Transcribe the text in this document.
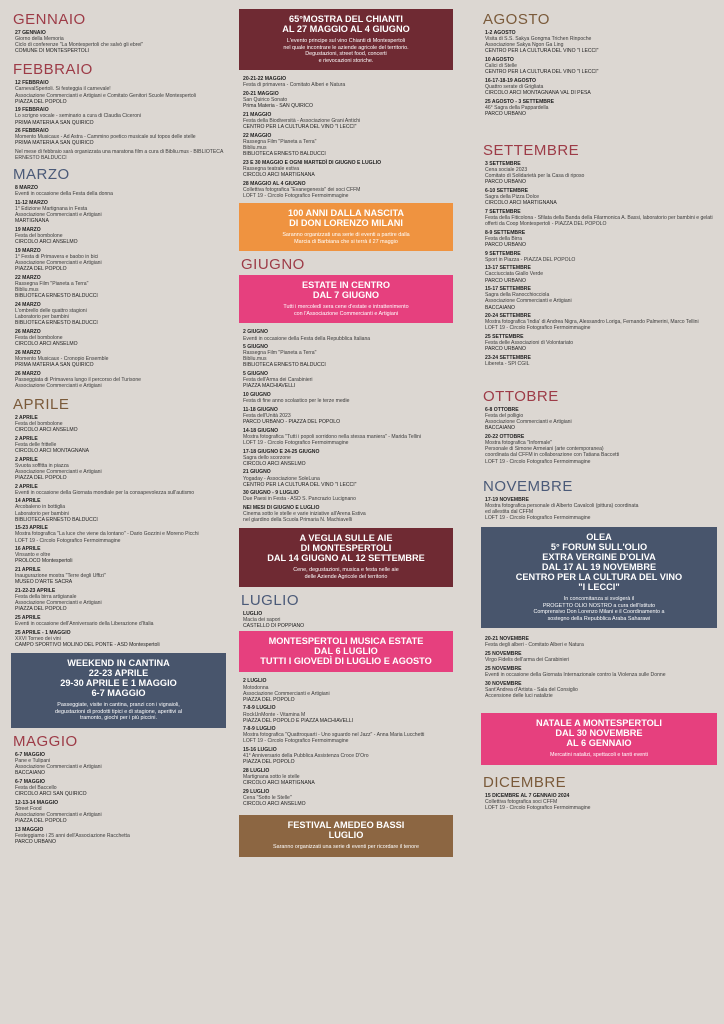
GENNAIO
27 GENNAIO
Giorno della Memoria
Ciclo di conferenze "La Montespertoli che salvò gli ebrei"
COMUNE DI MONTESPERTOLI
FEBBRAIO
12 FEBBRAIO
CarnevalSpertoli. Si festeggia il carnevale!
Associazione Commercianti e Artigiani e Comitato Genitori Scuole Montespertoli
PIAZZA DEL POPOLO
19 FEBBRAIO
Lo scrigno vocale - seminario a cura di Claudia Ciceroni
PRIMA MATERIA A SAN QUIRICO
26 FEBBRAIO
Momento Musicaux - Ad Astra - Cammino poetico musicale sul topos delle stelle
PRIMA MATERIA A SAN QUIRICO
Nel mese di febbraio sarà organizzata una maratona film a cura di Bibliu.mus - BIBLIOTECA ERNESTO BALDUCCI
MARZO
8 MARZO
Eventi in occasione della Festa della donna
11-12 MARZO
1° Edizione Martignana in Festa
Associazione Commercianti e Artigiani
MARTIGNANA
19 MARZO
Festa del bombolone
CIRCOLO ARCI ANSELMO
19 MARZO
1° Festa di Primavera e baobo in bici
Associazione Commercianti e Artigiani
PIAZZA DEL POPOLO
22 MARZO
Rassegna Film "Pianeta a Terra"
Bibliu.mus
BIBLIOTECA ERNESTO BALDUCCI
24 MARZO
L'ombrello delle quattro stagioni
Laboratorio per bambini
BIBLIOTECA ERNESTO BALDUCCI
26 MARZO
Festa del bombolone
CIRCOLO ARCI ANSELMO
26 MARZO
Momento Musicaux - Cronopio Ensemble
PRIMA MATERIA A SAN QUIRICO
26 MARZO
Passeggiata di Primavera lungo il percorso del Turisone
Associazione Commercianti e Artigiani
APRILE
2 APRILE
Festa del bombolone
CIRCOLO ARCI ANSELMO
2 APRILE
Festa delle frittelle
CIRCOLO ARCI MONTAGNANA
2 APRILE
Svuota soffitta in piazza
Associazione Commercianti e Artigiani
PIAZZA DEL POPOLO
2 APRILE
Eventi in occasione della Giornata mondiale per la consapevolezza sull'autismo
14 APRILE
Arcobaleno in bottiglia
Laboratorio per bambini
BIBLIOTECA ERNESTO BALDUCCI
15-23 APRILE
Mostra fotografica "La luce che viene da lontano" - Dario Gozzini e Moreno Picchi
LOFT 19 - Circolo Fotografico Fermoimmagine
16 APRILE
Vinsanto e oltre
PROLOCO Montespertoli
21 APRILE
Inaugurazione mostra "Terre degli Uffizi"
MUSEO D'ARTE SACRA
21-22-23 APRILE
Festa della birra artigianale
Associazione Commercianti e Artigiani
PIAZZA DEL POPOLO
25 APRILE
Eventi in occasione dell'Anniversario della Liberazione d'Italia
25 APRILE - 1 MAGGIO
XXVI Torneo dei vini
CAMPO SPORTIVO MOLINO DEL PONTE - ASD Montespertoli
WEEKEND IN CANTINA
22-23 APRILE
29-30 APRILE E 1 MAGGIO
6-7 MAGGIO
Passeggiate, visite in cantina, pranzi con i vignaioli,
degustazioni di prodotti tipici e di stagione, aperitivi al
tramonto, giochi per i più piccini.
MAGGIO
6-7 MAGGIO
Pane e Tulipani
Associazione Commercianti e Artigiani
BACCAIANO
6-7 MAGGIO
Festa del Baccello
CIRCOLO ARCI SAN QUIRICO
12-13-14 MAGGIO
Street Food
Associazione Commercianti e Artigiani
PIAZZA DEL POPOLO
13 MAGGIO
Festeggiamo i 25 anni dell'Associazione Racchetta
PARCO URBANO
65°MOSTRA DEL CHIANTI
AL 27 MAGGIO AL 4 GIUGNO
L'evento principe sul vino Chianti di Montespertoli
nel quale incontrare le aziende agricole del territorio.
Degustazioni, street food, concerti
e rievocazioni storiche.
20-21-22 MAGGIO
Festa di primavera - Comitato Alberi e Natura
20-21 MAGGIO
San Quirico Sonato
Prima Materia - SAN QUIRICO
21 MAGGIO
Festa della Biodiversità - Associazione Grani Antichi
CENTRO PER LA CULTURA DEL VINO "I LECCI"
22 MAGGIO
Rassegna Film "Pianeta a Terra"
Bibliu.mus
BIBLIOTECA ERNESTO BALDUCCI
23 E 30 MAGGIO E OGNI MARTEDÌ DI GIUGNO E LUGLIO
Rassegna teatrale estiva
CIRCOLO ARCI MARTIGNANA
28 MAGGIO AL 4 GIUGNO
Collettiva fotografica "Evanegenesis" dei soci CFFM
LOFT 19 - Circolo Fotografico Fermoimmagine
100 ANNI DALLA NASCITA
DI DON LORENZO MILANI
Saranno organizzati una serie di eventi a partire dalla
Marcia di Barbiana che si terrà il 27 maggio
GIUGNO
ESTATE IN CENTRO
DAL 7 GIUGNO
Tutti i mercoledì sera cene d'estate e intrattenimento
con l'Associazione Commercianti e Artigiani
2 GIUGNO
Eventi in occasione della Festa della Repubblica Italiana
5 GIUGNO
Rassegna Film "Pianeta a Terra"
Bibliu.mus
BIBLIOTECA ERNESTO BALDUCCI
5 GIUGNO
Festa dell'Arma dei Carabinieri
PIAZZA MACHIAVELLI
10 GIUGNO
Festa di fine anno scolastico per le terze medie
11-18 GIUGNO
Festa dell'Unità 2023
PARCO URBANO - PIAZZA DEL POPOLO
14-18 GIUGNO
Mostra fotografica "Tutti i popoli sorridono nella stessa maniera" - Marida Tellini
LOFT 19 - Circolo Fotografico Fermoimmagine
17-18 GIUGNO E 24-25 GIUGNO
Sagra dello scorzone
CIRCOLO ARCI ANSELMO
21 GIUGNO
Yogaday - Associazione SoleLuna
CENTRO PER LA CULTURA DEL VINO "I LECCI"
30 GIUGNO - 9 LUGLIO
Due Paesi in Festa - ASD S. Pancrazio Lucignano
NEI MESI DI GIUGNO E LUGLIO
Cinema sotto le stelle e varie iniziative all'Arena Estiva
nel giardino della Scuola Primaria N. Machiavelli
A VEGLIA SULLE AIE
DI MONTESPERTOLI
DAL 14 GIUGNO AL 12 SETTEMBRE
Cene, degustazioni, musica e festa nelle aie
delle Aziende Agricole del territorio
LUGLIO
LUGLIO
Macìa dei sapori
CASTELLO DI POPPIANO
MONTESPERTOLI MUSICA ESTATE
DAL 6 LUGLIO
TUTTI I GIOVEDÌ DI LUGLIO E AGOSTO
2 LUGLIO
Motodonna
Associazione Commercianti e Artigiani
PIAZZA DEL POPOLO
7-8-9 LUGLIO
RockUnMonte - Vitamina M
PIAZZA DEL POPOLO E PIAZZA MACHIAVELLI
7-8-9 LUGLIO
Mostra fotografica "Quattroquarti - Uno sguardo nel Jazz" - Anna Maria Lucchetti
LOFT 19 - Circolo Fotografico Fermoimmagine
15-16 LUGLIO
41° Anniversario della Pubblica Assistenza Croce D'Oro
PIAZZA DEL POPOLO
28 LUGLIO
Martignana sotto le stelle
CIRCOLO ARCI MARTIGNANA
29 LUGLIO
Cena "Sotto le Stelle"
CIRCOLO ARCI ANSELMO
FESTIVAL AMEDEO BASSI
LUGLIO
Saranno organizzati una serie di eventi per ricordare il tenore
AGOSTO
1-2 AGOSTO
Visita di S.S. Sakya Gongma Trichen Rinpoche
Associazione Sakya Ngon Ga Ling
CENTRO PER LA CULTURA DEL VINO "I LECCI"
10 AGOSTO
Calici di Stelle
CENTRO PER LA CULTURA DEL VINO "I LECCI"
16-17-18-19 AGOSTO
Quattro serate di Grigliata
CIRCOLO ARCI MONTAGNANA VAL DI PESA
25 AGOSTO - 3 SETTEMBRE
46° Sagra della Pappardella
PARCO URBANO
SETTEMBRE
3 SETTEMBRE
Cena sociale 2023
Comitato di Solidarietà per la Casa di riposo
PARCO URBANO
6-10 SETTEMBRE
Sagra della Pizza Dolce
CIRCOLO ARCI MARTIGNANA
7 SETTEMBRE
Festa della Fiticolona - Sfilata della Banda della Filarmonica A. Bassi, laboratorio per bambini e gelati offerti da Coop Montespertoli - PIAZZA DEL POPOLO
8-9 SETTEMBRE
Festa della Birra
PARCO URBANO
9 SETTEMBRE
Sport in Piazza - PIAZZA DEL POPOLO
13-17 SETTEMBRE
Cacciucciata Giallo Verde
PARCO URBANO
15-17 SETTEMBRE
Sagra della Ranocchiocciola
Associazione Commercianti e Artigiani
BACCAIANO
20-24 SETTEMBRE
Mostra fotografica 'India' di Andrea Nigra, Alessandro Loriga, Fernando Palmerini, Marco Tellini
LOFT 19 - Circolo Fotografico Fermoimmagine
25 SETTEMBRE
Festa delle Associazioni di Volontariato
PARCO URBANO
23-24 SETTEMBRE
Libereta - SPI CGIL
OTTOBRE
6-8 OTTOBRE
Festa del polligio
Associazione Commercianti e Artigiani
BACCAIANO
20-22 OTTOBRE
Mostra fotografica "Informale"
Personale di Simone Armeiani (arte contemporanea)
coordinata dal CFFM in collaborazione con Tatiana Baccetti
LOFT 19 - Circolo Fotografico Fermoimmagine
NOVEMBRE
17-19 NOVEMBRE
Mostra fotografica personale di Alberto Cavalcoli (pittura) coordinata
ed allestita dal CFFM
LOFT 19 - Circolo Fotografico Fermoimmagine
OLEA
5° FORUM SULL'OLIO
EXTRA VERGINE D'OLIVA
DAL 17 AL 19 NOVEMBRE
CENTRO PER LA CULTURA DEL VINO
"I LECCI"
In concomitanza si svolgerà il
PROGETTO OLIO NOSTRO a cura dell'Istituto
Comprensivo Don Lorenzo Milani e il Coordinamento a
sostegno della Repubblica Araba Saharawi
20-21 NOVEMBRE
Festa degli alberi - Comitato Alberi e Natura
25 NOVEMBRE
Virgo Fidelis dell'arma dei Carabinieri
25 NOVEMBRE
Eventi in occasione della Giornata Internazionale contro la Violenza sulle Donne
30 NOVEMBRE
Sant'Andrea d'Artista - Sala del Consiglio
Accensione delle luci natalizie
NATALE A MONTESPERTOLI
DAL 30 NOVEMBRE
AL 6 GENNAIO
Mercatini natalizi, spettacoli e tanti eventi
DICEMBRE
15 DICEMBRE AL 7 GENNAIO 2024
Collettiva fotografica soci CFFM
LOFT 19 - Circolo Fotografico Fermoimmagine
